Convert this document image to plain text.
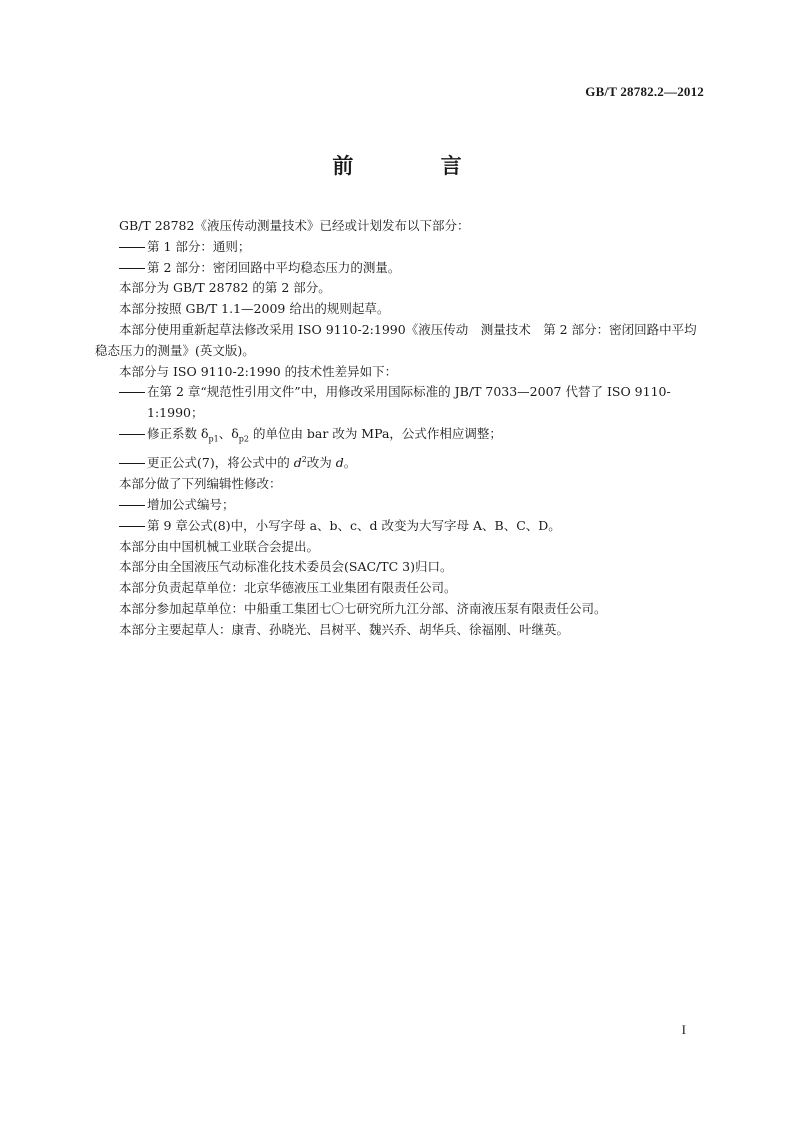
GB/T 28782.2—2012
前 言

GB/T 28782《液压传动测量技术》已经或计划发布以下部分：

第 1 部分：通则；

第 2 部分：密闭回路中平均稳态压力的测量。

本部分为 GB/T 28782 的第 2 部分。

本部分按照 GB/T 1.1—2009 给出的规则起草。

本部分使用重新起草法修改采用 ISO 9110-2:1990《液压传动　测量技术　第 2 部分：密闭回路中平均稳态压力的测量》(英文版)。

本部分与 ISO 9110-2:1990 的技术性差异如下：

在第 2 章“规范性引用文件”中，用修改采用国际标准的 JB/T 7033—2007 代替了 ISO 9110-1:1990；

修正系数 $\delta_{p1}$、$\delta_{p2}$ 的单位由 bar 改为 MPa，公式作相应调整；

更正公式(7)，将公式中的 $d^2$改为 d。

本部分做了下列编辑性修改：

增加公式编号；

第 9 章公式(8)中，小写字母 a、b、c、d 改变为大写字母 A、B、C、D。

本部分由中国机械工业联合会提出。

本部分由全国液压气动标准化技术委员会(SAC/TC 3)归口。

本部分负责起草单位：北京华德液压工业集团有限责任公司。

本部分参加起草单位：中船重工集团七〇七研究所九江分部、济南液压泵有限责任公司。

本部分主要起草人：康青、孙晓光、吕树平、魏兴乔、胡华兵、徐福刚、叶继英。

I
